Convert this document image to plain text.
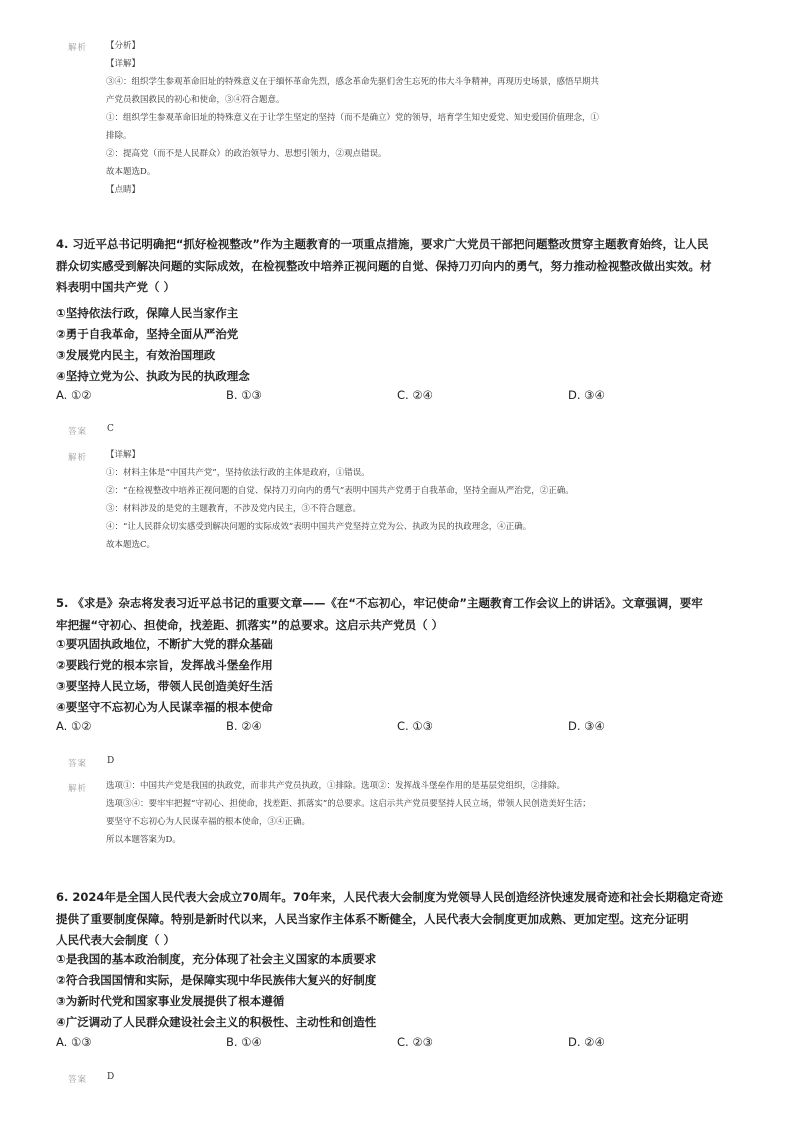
解析 【分析】
【详解】
③④：组织学生参观革命旧址的特殊意义在于缅怀革命先烈，感念革命先驱们舍生忘死的伟大斗争精神，再现历史场景，感悟早期共
产党员救国救民的初心和使命，③④符合题意。
①：组织学生参观革命旧址的特殊意义在于让学生坚定的坚持（而不是确立）党的领导，培育学生知史爱党、知史爱国价值理念，①
排除。
②：提高党（而不是人民群众）的政治领导力、思想引领力，②观点错误。
故本题选D。
【点睛】
4. 习近平总书记明确把“抓好检视整改”作为主题教育的一项重点措施，要求广大党员干部把问题整改贯穿主题教育始终，让人民
群众切实感受到解决问题的实际成效，在检视整改中培养正视问题的自觉、保持刀刃向内的勇气，努力推动检视整改做出实效。材
料表明中国共产党（ ）
①坚持依法行政，保障人民当家作主
②勇于自我革命，坚持全面从严治党
③发展党内民主，有效治国理政
④坚持立党为公、执政为民的执政理念
A. ①②	B. ①③	C. ②④	D. ③④
答案 C
解析 【详解】
①：材料主体是“中国共产党”，坚持依法行政的主体是政府，①错误。
②：“在检视整改中培养正视问题的自觉、保持刀刃向内的勇气”表明中国共产党勇于自我革命，坚持全面从严治党，②正确。
③：材料涉及的是党的主题教育，不涉及党内民主，③不符合题意。
④：“让人民群众切实感受到解决问题的实际成效”表明中国共产党坚持立党为公、执政为民的执政理念，④正确。
故本题选C。
5. 《求是》杂志将发表习近平总书记的重要文章——《在“不忘初心，牢记使命”主题教育工作会议上的讲话》。文章强调，要牢
牢把握“守初心、担使命，找差距、抓落实”的总要求。这启示共产党员（ ）
①要巩固执政地位，不断扩大党的群众基础
②要践行党的根本宗旨，发挥战斗堡垒作用
③要坚持人民立场，带领人民创造美好生活
④要坚守不忘初心为人民谋幸福的根本使命
A. ①②	B. ②④	C. ①③	D. ③④
答案 D
解析 选项①：中国共产党是我国的执政党，而非共产党员执政，①排除。选项②：发挥战斗堡垒作用的是基层党组织，②排除。
选项③④：要牢牢把握“守初心、担使命，找差距、抓落实”的总要求。这启示共产党员要坚持人民立场，带领人民创造美好生活；
要坚守不忘初心为人民谋幸福的根本使命，③④正确。
所以本题答案为D。
6. 2024年是全国人民代表大会成立70周年。70年来，人民代表大会制度为党领导人民创造经济快速发展奇迹和社会长期稳定奇迹
提供了重要制度保障。特别是新时代以来，人民当家作主体系不断健全，人民代表大会制度更加成熟、更加定型。这充分证明
人民代表大会制度（ ）
①是我国的基本政治制度，充分体现了社会主义国家的本质要求
②符合我国国情和实际，是保障实现中华民族伟大复兴的好制度
③为新时代党和国家事业发展提供了根本遵循
④广泛调动了人民群众建设社会主义的积极性、主动性和创造性
A. ①③	B. ①④	C. ②③	D. ②④
答案 D
